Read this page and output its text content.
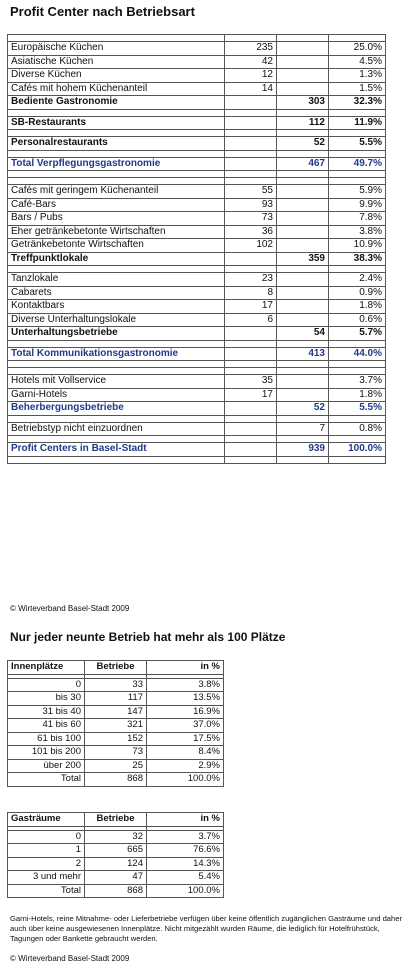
Profit Center nach Betriebsart

Europäische Küchen	235		25.0%
Asiatische Küchen	42		4.5%
Diverse Küchen	12		1.3%
Cafés mit hohem Küchenanteil	14		1.5%
Bediente Gastronomie		303	32.3%

SB-Restaurants		112	11.9%

Personalrestaurants		52	5.5%

Total Verpflegungsgastronomie		467	49.7%

Cafés mit geringem Küchenanteil	55		5.9%
Café-Bars	93		9.9%
Bars / Pubs	73		7.8%
Eher getränkebetonte Wirtschaften	36		3.8%
Getränkebetonte Wirtschaften	102		10.9%
Treffpunktlokale		359	38.3%

Tanzlokale	23		2.4%
Cabarets	8		0.9%
Kontaktbars	17		1.8%
Diverse Unterhaltungslokale	6		0.6%
Unterhaltungsbetriebe		54	5.7%

Total Kommunikationsgastronomie		413	44.0%

Hotels mit Vollservice	35		3.7%
Garni-Hotels	17		1.8%
Beherbergungsbetriebe		52	5.5%

Betriebstyp nicht einzuordnen		7	0.8%

Profit Centers in Basel-Stadt		939	100.0%

© Wirteverband Basel-Stadt 2009
Nur jeder neunte Betrieb hat mehr als 100 Plätze
Innenplätze	Betriebe	in %

0	33	3.8%
bis 30	117	13.5%
31 bis 40	147	16.9%
41 bis 60	321	37.0%
61 bis 100	152	17.5%
101 bis 200	73	8.4%
über 200	25	2.9%
Total	868	100.0%
Gasträume	Betriebe	in %

0	32	3.7%
1	665	76.6%
2	124	14.3%
3 und mehr	47	5.4%
Total	868	100.0%
Garni-Hotels, reine Mitnahme- oder Lieferbetriebe verfügen über keine öffentlich zugänglichen Gasträume und daher auch über keine ausgewiesenen Innenplätze. Nicht mitgezählt wurden Räume, die lediglich für Hotelfrühstück, Tagungen oder Bankette gebraucht werden.
© Wirteverband Basel-Stadt 2009
